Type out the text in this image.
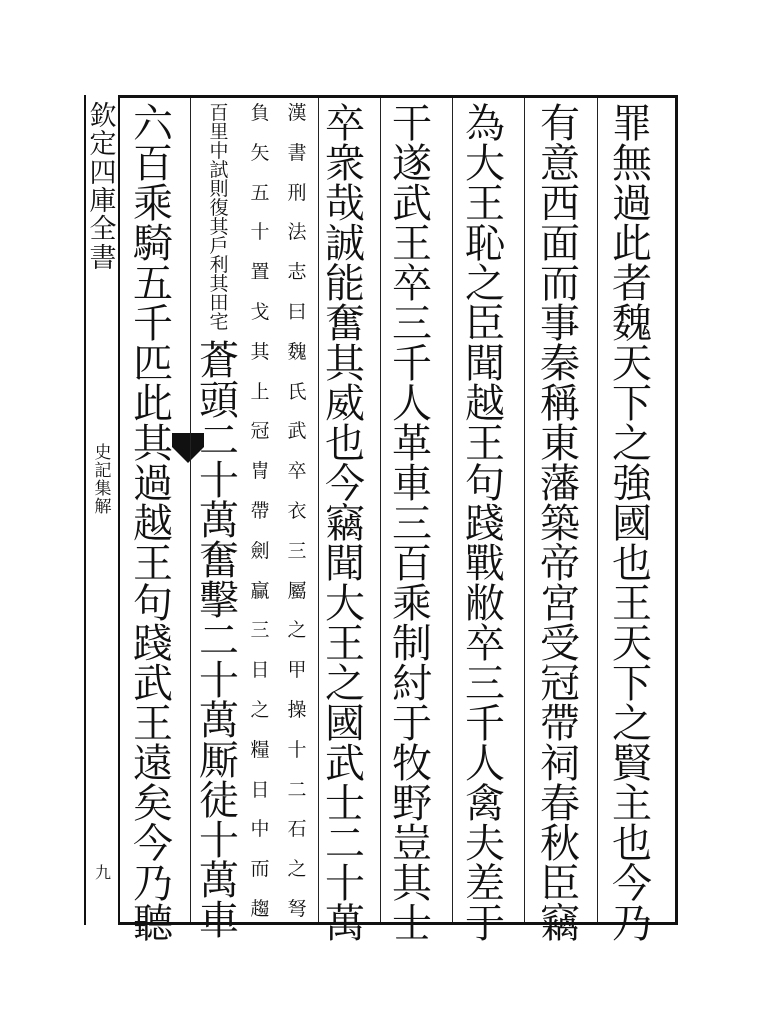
欽
定
四
庫
全
書
史
記
集
解
九
罪
無
過
此
者
魏
天
下
之
強
國
也
王
天
下
之
賢
主
也
今
乃
有
意
西
面
而
事
秦
稱
東
藩
築
帝
宮
受
冠
帶
祠
春
秋
臣
竊
為
大
王
恥
之
臣
聞
越
王
句
踐
戰
敝
卒
三
千
人
禽
夫
差
于
干
遂
武
王
卒
三
千
人
革
車
三
百
乘
制
紂
于
牧
野
豈
其
士
卒
衆
哉
誠
能
奮
其
威
也
今
竊
聞
大
王
之
國
武
士
二
十
萬
漢
書
刑
法
志
曰
魏
氏
武
卒
衣
三
屬
之
甲
操
十
二
石
之
弩
負
矢
五
十
置
戈
其
上
冠
冑
帶
劍
贏
三
日
之
糧
日
中
而
趨
百
里
中
試
則
復
其
戶
利
其
田
宅
蒼
頭
二
十
萬
奮
擊
二
十
萬
厮
徒
十
萬
車
六
百
乘
騎
五
千
匹
此
其
過
越
王
句
踐
武
王
遠
矣
今
乃
聽
